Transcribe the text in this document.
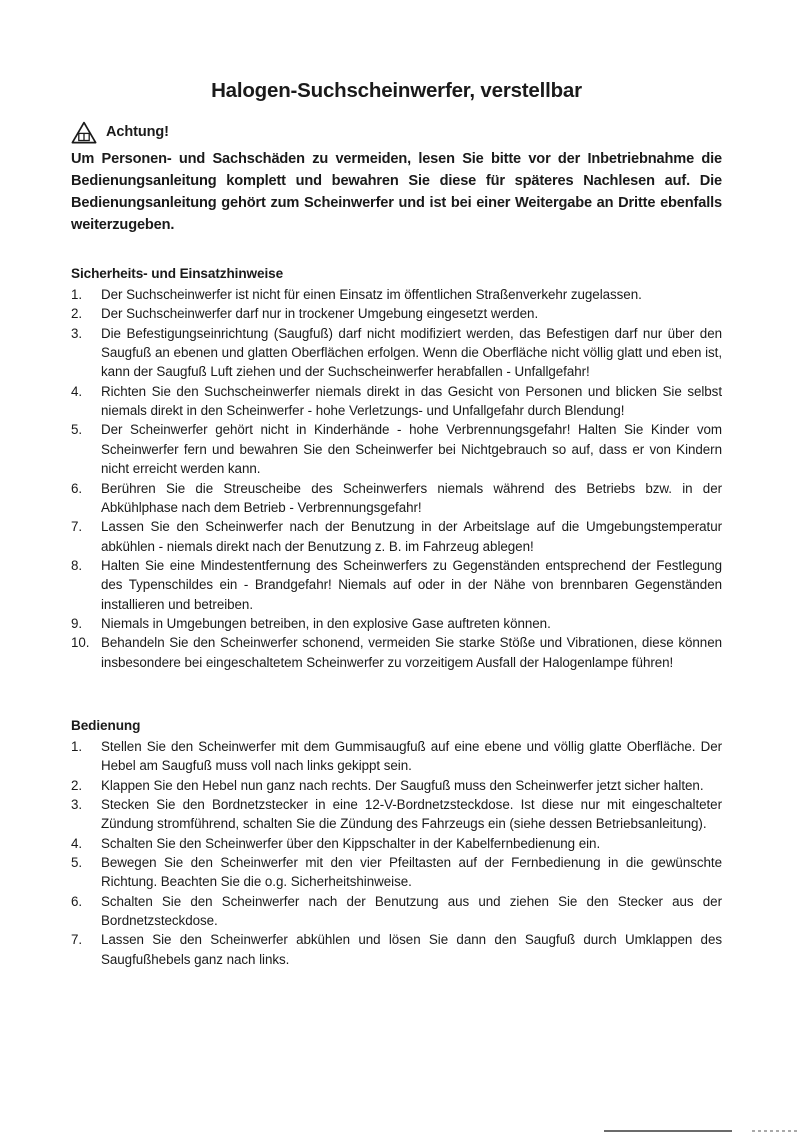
Halogen-Suchscheinwerfer, verstellbar
Achtung!

Um Personen- und Sachschäden zu vermeiden, lesen Sie bitte vor der Inbetriebnahme die Bedienungsanleitung komplett und bewahren Sie diese für späteres Nachlesen auf. Die Bedienungsanleitung gehört zum Scheinwerfer und ist bei einer Weitergabe an Dritte ebenfalls weiterzugeben.

Sicherheits- und Einsatzhinweise
1. Der Suchscheinwerfer ist nicht für einen Einsatz im öffentlichen Straßenverkehr zugelassen.
2. Der Suchscheinwerfer darf nur in trockener Umgebung eingesetzt werden.
3. Die Befestigungseinrichtung (Saugfuß) darf nicht modifiziert werden, das Befestigen darf nur über den Saugfuß an ebenen und glatten Oberflächen erfolgen. Wenn die Oberfläche nicht völlig glatt und eben ist, kann der Saugfuß Luft ziehen und der Suchscheinwerfer herabfallen - Unfallgefahr!
4. Richten Sie den Suchscheinwerfer niemals direkt in das Gesicht von Personen und blicken Sie selbst niemals direkt in den Scheinwerfer - hohe Verletzungs- und Unfallgefahr durch Blendung!
5. Der Scheinwerfer gehört nicht in Kinderhände - hohe Verbrennungsgefahr! Halten Sie Kinder vom Scheinwerfer fern und bewahren Sie den Scheinwerfer bei Nichtgebrauch so auf, dass er von Kindern nicht erreicht werden kann.
6. Berühren Sie die Streuscheibe des Scheinwerfers niemals während des Betriebs bzw. in der Abkühlphase nach dem Betrieb - Verbrennungsgefahr!
7. Lassen Sie den Scheinwerfer nach der Benutzung in der Arbeitslage auf die Umgebungstemperatur abkühlen - niemals direkt nach der Benutzung z. B. im Fahrzeug ablegen!
8. Halten Sie eine Mindestentfernung des Scheinwerfers zu Gegenständen entsprechend der Festlegung des Typenschildes ein - Brandgefahr! Niemals auf oder in der Nähe von brennbaren Gegenständen installieren und betreiben.
9. Niemals in Umgebungen betreiben, in den explosive Gase auftreten können.
10. Behandeln Sie den Scheinwerfer schonend, vermeiden Sie starke Stöße und Vibrationen, diese können insbesondere bei eingeschaltetem Scheinwerfer zu vorzeitigem Ausfall der Halogenlampe führen!
Bedienung
1. Stellen Sie den Scheinwerfer mit dem Gummisaugfuß auf eine ebene und völlig glatte Oberfläche. Der Hebel am Saugfuß muss voll nach links gekippt sein.
2. Klappen Sie den Hebel nun ganz nach rechts. Der Saugfuß muss den Scheinwerfer jetzt sicher halten.
3. Stecken Sie den Bordnetzstecker in eine 12-V-Bordnetzsteckdose. Ist diese nur mit eingeschalteter Zündung stromführend, schalten Sie die Zündung des Fahrzeugs ein (siehe dessen Betriebsanleitung).
4. Schalten Sie den Scheinwerfer über den Kippschalter in der Kabelfernbedienung ein.
5. Bewegen Sie den Scheinwerfer mit den vier Pfeiltasten auf der Fernbedienung in die gewünschte Richtung. Beachten Sie die o.g. Sicherheitshinweise.
6. Schalten Sie den Scheinwerfer nach der Benutzung aus und ziehen Sie den Stecker aus der Bordnetzsteckdose.
7. Lassen Sie den Scheinwerfer abkühlen und lösen Sie dann den Saugfuß durch Umklappen des Saugfußhebels ganz nach links.
